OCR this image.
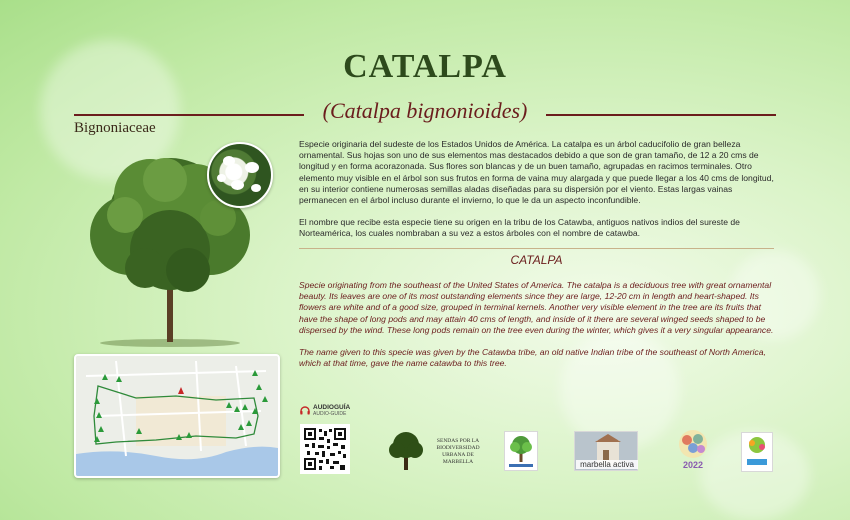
CATALPA
(Catalpa bignonioides)
Bignoniaceae

Especie originaria del sudeste de los Estados Unidos de América. La catalpa es un árbol caducifolio de gran belleza ornamental. Sus hojas son uno de sus elementos mas destacados debido a que son de gran tamaño, de 12 a 20 cms de longitud y en forma acorazonada. Sus flores son blancas y de un buen tamaño, agrupadas en racimos terminales. Otro elemento muy visible en el árbol son sus frutos en forma de vaina muy alargada y que puede llegar a los 40 cms de longitud, en su interior contiene numerosas semillas aladas diseñadas para su dispersión por el viento. Estas largas vainas permanecen en el árbol incluso durante el invierno, lo que le da un aspecto inconfundible.

El nombre que recibe esta especie tiene su origen en la tribu de los Catawba, antiguos nativos indios del sureste de Norteamérica, los cuales nombraban a su vez a estos árboles con el nombre de catawba.

CATALPA

Specie originating from the southeast of the United States of America. The catalpa is a deciduous tree with great ornamental beauty. Its leaves are one of its most outstanding elements since they are large, 12-20 cm in length and heart-shaped. Its flowers are white and of a good size, grouped in terminal kernels. Another very visible element in the tree are its fruits that have the shape of long pods and may attain 40 cms of length, and inside of it there are several winged seeds shaped to be dispersed by the wind. These long pods remain on the tree even during the winter, which gives it a very singular appearance.

The name given to this specie was given by the Catawba tribe, an old native Indian tribe of the southeast of North America, which at that time, gave the name catawba to this tree.

AUDIOGUÍA
AUDIO-GUIDE
SENDAS POR LA BIODIVERSIDAD URBANA DE MARBELLA	marbella activa	2022
